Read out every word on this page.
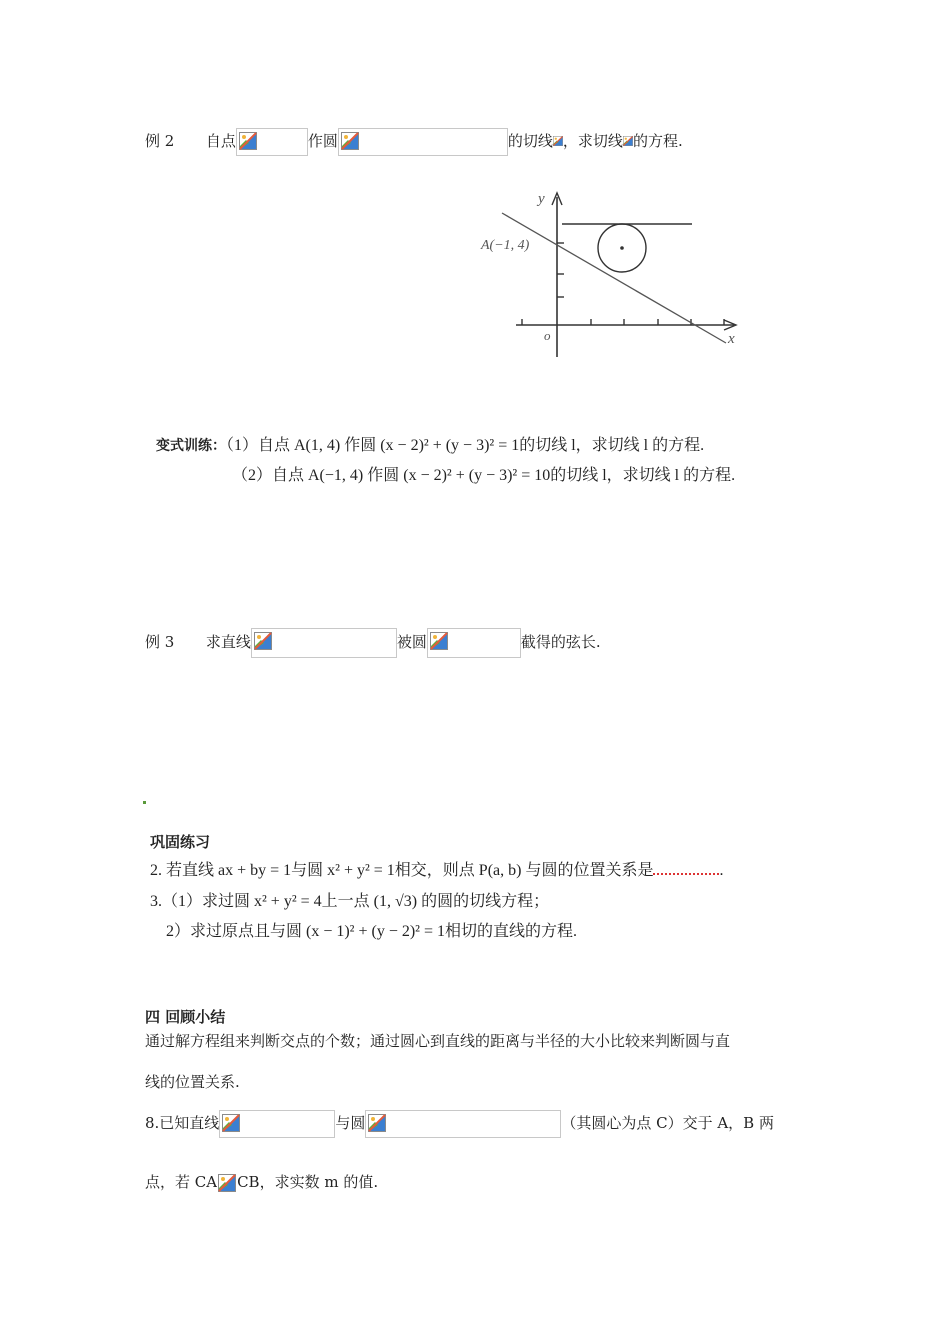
例 2 自点	作圆	的切线 ，求切线 的方程.
y
x
o
A(−1, 4)
变式训练：（1）自点 A(1, 4) 作圆 (x − 2)² + (y − 3)² = 1的切线 l，求切线 l 的方程.
（2）自点 A(−1, 4) 作圆 (x − 2)² + (y − 3)² = 10的切线 l，求切线 l 的方程.
例 3 求直线	被圆	截得的弦长.
巩固练习
2. 若直线 ax + by = 1与圆 x² + y² = 1相交，则点 P(a, b) 与圆的位置关系是	.
3.（1）求过圆 x² + y² = 4上一点 (1, √3) 的圆的切线方程；
2）求过原点且与圆 (x − 1)² + (y − 2)² = 1相切的直线的方程.
四 回顾小结
通过解方程组来判断交点的个数；通过圆心到直线的距离与半径的大小比较来判断圆与直
线的位置关系.
8.已知直线	与圆	（其圆心为点 C）交于 A，B 两
点，若 CA CB，求实数 m 的值.
